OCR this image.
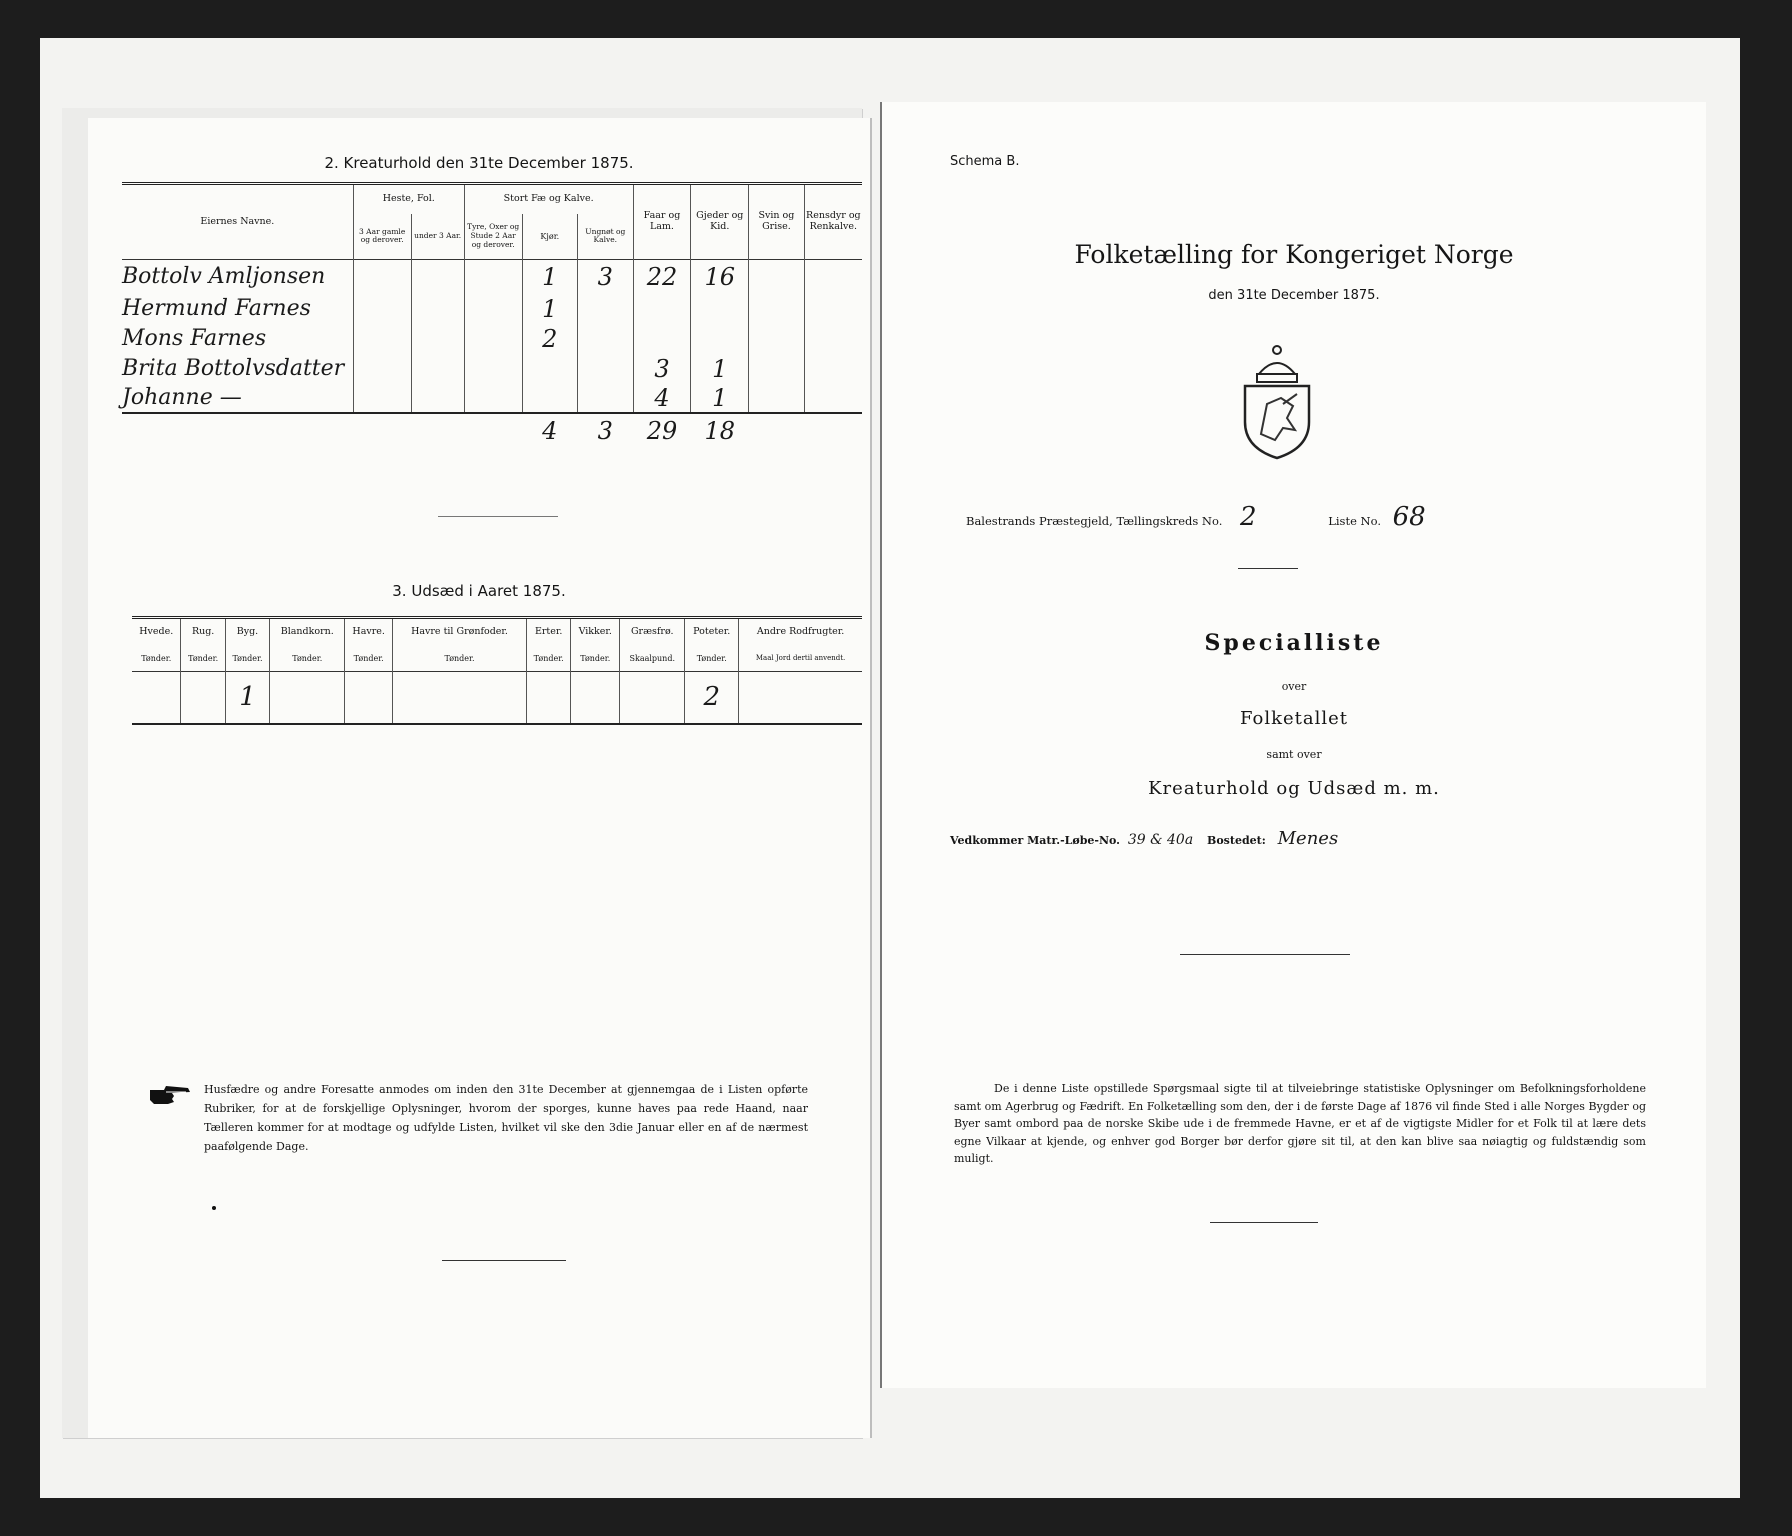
2. Kreaturhold den 31te December 1875.
Eiernes Navne.	Heste, Fol.		Stort Fæ og Kalve.			Faar og Lam.	Gjeder og Kid.	Svin og Grise.	Rensdyr og Renkalve.
	3 Aar gamle og derover.	under 3 Aar.	Tyre, Oxer og Stude 2 Aar og derover.	Kjør.	Ungnøt og Kalve.				
Bottolv Amljonsen				1	3	22	16		
Hermund Farnes				1					
Mons Farnes				2					
Brita Bottolvsdatter						3	1		
Johanne —						4	1		
				4	3	29	18		
3. Udsæd i Aaret 1875.
Hvede.	Rug.	Byg.	Blandkorn.	Havre.	Havre til Grønfoder.	Erter.	Vikker.	Græsfrø.	Poteter.	Andre Rodfrugter.
Tønder.	Tønder.	Tønder.	Tønder.	Tønder.	Tønder.	Tønder.	Tønder.	Skaalpund.	Tønder.	Maal Jord dertil anvendt.
		1							2	
Husfædre og andre Foresatte anmodes om inden den 31te December at gjennemgaa de i Listen opførte Rubriker, for at de forskjellige Oplysninger, hvorom der sporges, kunne haves paa rede Haand, naar Tælleren kommer for at modtage og udfylde Listen, hvilket vil ske den 3die Januar eller en af de nærmest paafølgende Dage.
Schema B.
Folketælling for Kongeriget Norge
den 31te December 1875.
Balestrands Præstegjeld, Tællingskreds No. 2	Liste No. 68
Specialliste
over
Folketallet
samt over
Kreaturhold og Udsæd m. m.
Vedkommer Matr.-Løbe-No. 39 & 40a Bostedet: Menes
De i denne Liste opstillede Spørgsmaal sigte til at tilveiebringe statistiske Oplysninger om Befolkningsforholdene samt om Agerbrug og Fædrift. En Folketælling som den, der i de første Dage af 1876 vil finde Sted i alle Norges Bygder og Byer samt ombord paa de norske Skibe ude i de fremmede Havne, er et af de vigtigste Midler for et Folk til at lære dets egne Vilkaar at kjende, og enhver god Borger bør derfor gjøre sit til, at den kan blive saa nøiagtig og fuldstændig som muligt.
